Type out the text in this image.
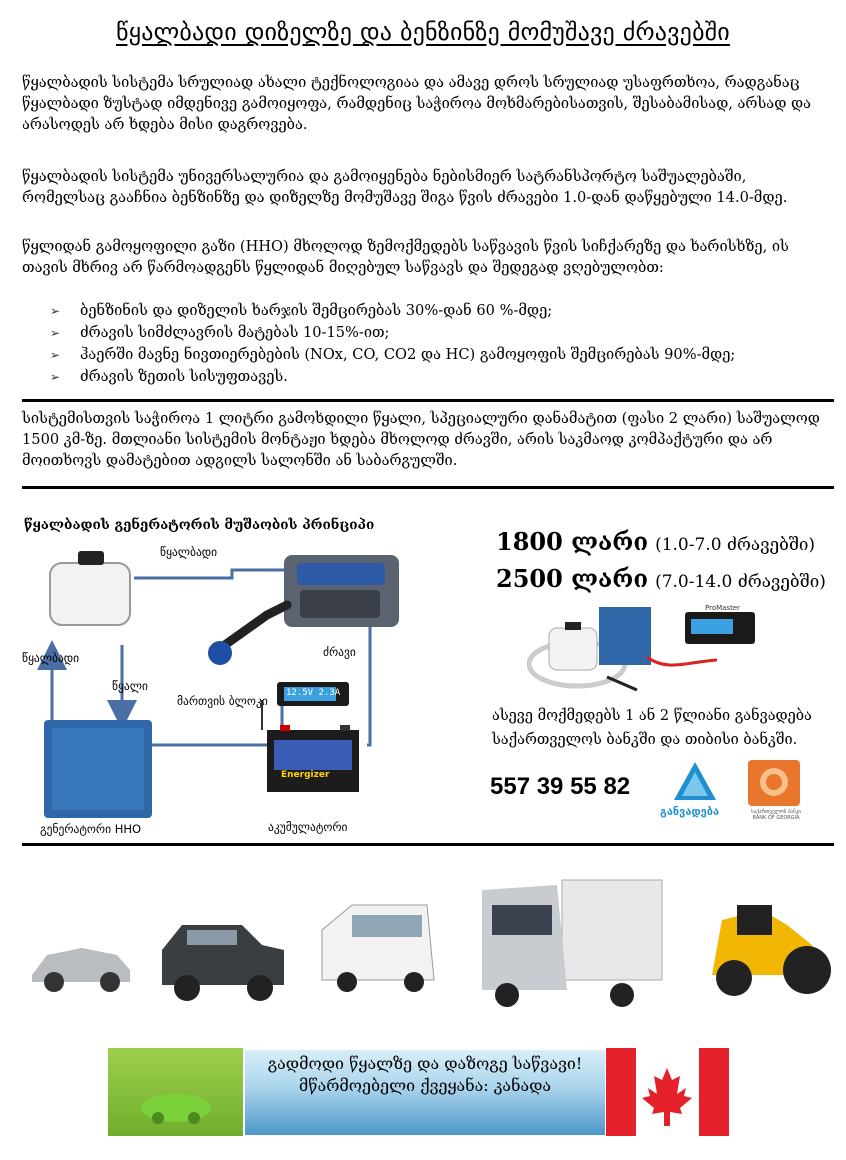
წყალბადი დიზელზე და ბენზინზე მომუშავე ძრავებში

წყალბადის სისტემა სრულიად ახალი ტექნოლოგიაა და ამავე დროს სრულიად უსაფრთხოა, რადგანაც წყალბადი ზუსტად იმდენივე გამოიყოფა, რამდენიც საჭიროა მოხმარებისათვის, შესაბამისად, არსად და არასოდეს არ ხდება მისი დაგროვება.

წყალბადის სისტემა უნივერსალურია და გამოიყენება ნებისმიერ სატრანსპორტო საშუალებაში, რომელსაც გააჩნია ბენზინზე და დიზელზე მომუშავე შიგა წვის ძრავები 1.0-დან დაწყებული 14.0-მდე.

წყლიდან გამოყოფილი გაზი (HHO) მხოლოდ ზემოქმედებს საწვავის წვის სიჩქარეზე და ხარისხზე, ის თავის მხრივ არ წარმოადგენს წყლიდან მიღებულ საწვავს და შედეგად ვღებულობთ:

➢ ბენზინის და დიზელის ხარჯის შემცირებას 30%-დან 60 %-მდე;
➢ ძრავის სიმძლავრის მატებას 10-15%-ით;
➢ ჰაერში მავნე ნივთიერებების (NOx, CO, CO2 და HC) გამოყოფის შემცირებას 90%-მდე;
➢ ძრავის ზეთის სისუფთავეს.

სისტემისთვის საჭიროა 1 ლიტრი გამოხდილი წყალი, სპეციალური დანამატით (ფასი 2 ლარი) საშუალოდ 1500 კმ-ზე. მთლიანი სისტემის მონტაჟი ხდება მხოლოდ ძრავში, არის საკმაოდ კომპაქტური და არ მოითხოვს დამატებით ადგილს სალონში ან საბარგულში.

წყალბადის გენერატორის მუშაობის პრინციპი
წყალბადი
წყალბადი
წყალი
ძრავი
მართვის ბლოკი
გენერატორი HHO	აკუმულატორი
Energizer
12.5V 2.3A
1800 ლარი (1.0-7.0 ძრავებში)
2500 ლარი (7.0-14.0 ძრავებში)
ProMaster
ასევე მოქმედებს 1 ან 2 წლიანი განვადება საქართველოს ბანკში და თიბისი ბანკში.
557 39 55 82
განვადება	საქართველოს ბანკი
BANK OF GEORGIA
გადმოდი წყალზე და დაზოგე საწვავი!
მწარმოებელი ქვეყანა: კანადა
